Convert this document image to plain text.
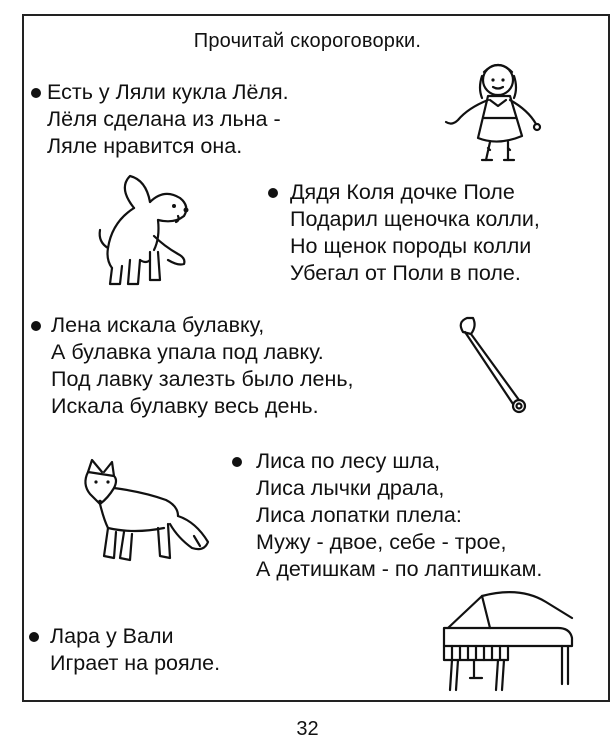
Прочитай скороговорки.
Есть у Ляли кукла Лёля.
Лёля сделана из льна -
Ляле нравится она.
Дядя Коля дочке Поле
Подарил щеночка колли,
Но щенок породы колли
Убегал от Поли в поле.
Лена искала булавку,
А булавка упала под лавку.
Под лавку залезть было лень,
Искала булавку весь день.
Лиса по лесу шла,
Лиса лычки драла,
Лиса лопатки плела:
Мужу - двое, себе - трое,
А детишкам - по лаптишкам.
Лара у Вали
Играет на рояле.
32
